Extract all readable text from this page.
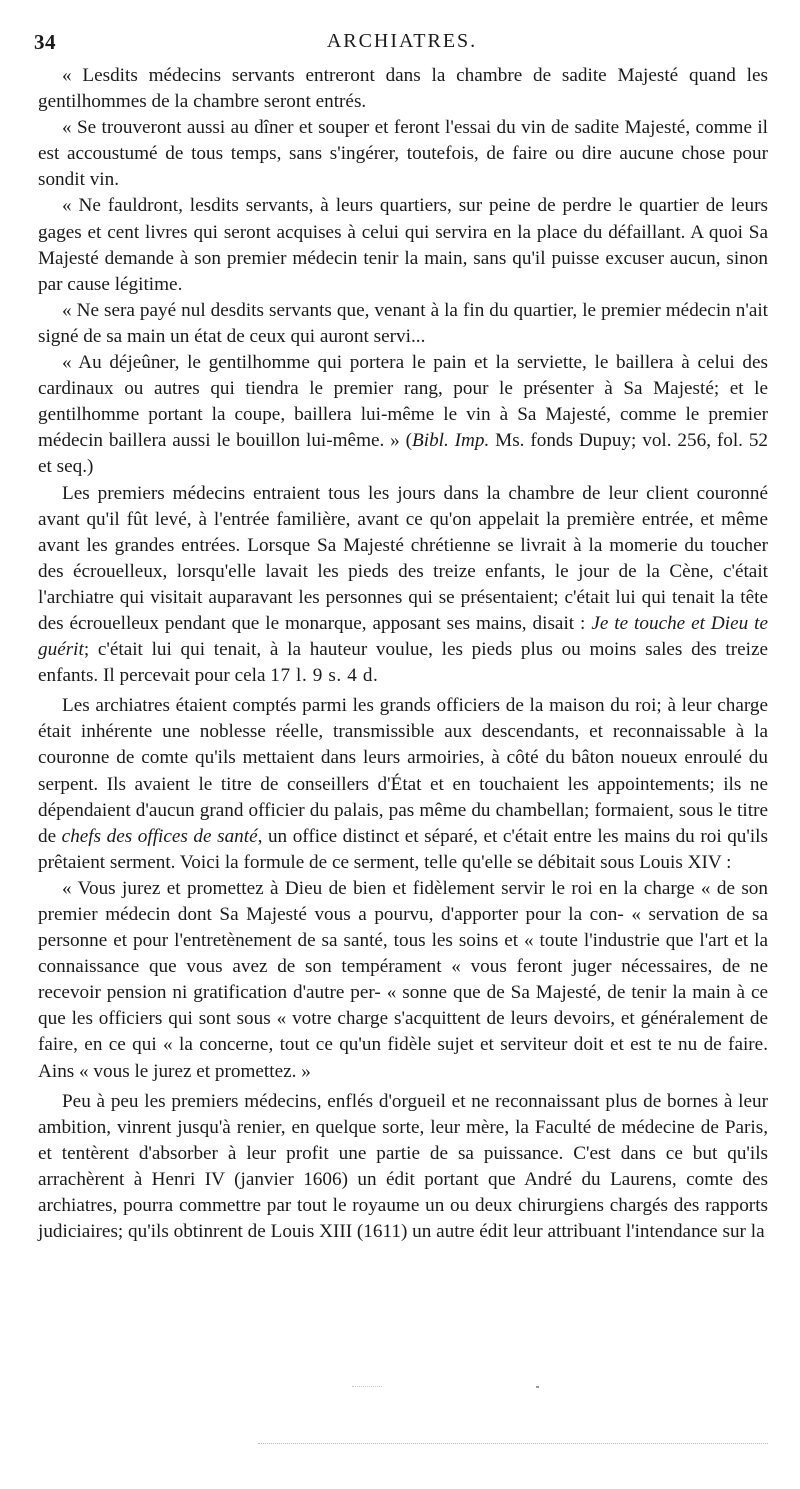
34	ARCHIATRES.

« Lesdits médecins servants entreront dans la chambre de sadite Majesté quand les gentilhommes de la chambre seront entrés.

« Se trouveront aussi au dîner et souper et feront l'essai du vin de sadite Majesté, comme il est accoustumé de tous temps, sans s'ingérer, toutefois, de faire ou dire aucune chose pour sondit vin.

« Ne fauldront, lesdits servants, à leurs quartiers, sur peine de perdre le quartier de leurs gages et cent livres qui seront acquises à celui qui servira en la place du défaillant. A quoi Sa Majesté demande à son premier médecin tenir la main, sans qu'il puisse excuser aucun, sinon par cause légitime.

« Ne sera payé nul desdits servants que, venant à la fin du quartier, le premier médecin n'ait signé de sa main un état de ceux qui auront servi...

« Au déjeûner, le gentilhomme qui portera le pain et la serviette, le baillera à celui des cardinaux ou autres qui tiendra le premier rang, pour le présenter à Sa Majesté; et le gentilhomme portant la coupe, baillera lui-même le vin à Sa Majesté, comme le premier médecin baillera aussi le bouillon lui-même. » (Bibl. Imp. Ms. fonds Dupuy; vol. 256, fol. 52 et seq.)

Les premiers médecins entraient tous les jours dans la chambre de leur client couronné avant qu'il fût levé, à l'entrée familière, avant ce qu'on appelait la première entrée, et même avant les grandes entrées. Lorsque Sa Majesté chrétienne se livrait à la momerie du toucher des écrouelleux, lorsqu'elle lavait les pieds des treize enfants, le jour de la Cène, c'était l'archiatre qui visitait auparavant les personnes qui se présentaient; c'était lui qui tenait la tête des écrouelleux pendant que le monarque, apposant ses mains, disait : Je te touche et Dieu te guérit; c'était lui qui tenait, à la hauteur voulue, les pieds plus ou moins sales des treize enfants. Il percevait pour cela 17 l. 9 s. 4 d.

Les archiatres étaient comptés parmi les grands officiers de la maison du roi; à leur charge était inhérente une noblesse réelle, transmissible aux descendants, et reconnaissable à la couronne de comte qu'ils mettaient dans leurs armoiries, à côté du bâton noueux enroulé du serpent. Ils avaient le titre de conseillers d'État et en touchaient les appointements; ils ne dépendaient d'aucun grand officier du palais, pas même du chambellan; formaient, sous le titre de chefs des offices de santé, un office distinct et séparé, et c'était entre les mains du roi qu'ils prêtaient serment. Voici la formule de ce serment, telle qu'elle se débitait sous Louis XIV :

« Vous jurez et promettez à Dieu de bien et fidèlement servir le roi en la charge « de son premier médecin dont Sa Majesté vous a pourvu, d'apporter pour la con- « servation de sa personne et pour l'entretènement de sa santé, tous les soins et « toute l'industrie que l'art et la connaissance que vous avez de son tempérament « vous feront juger nécessaires, de ne recevoir pension ni gratification d'autre per- « sonne que de Sa Majesté, de tenir la main à ce que les officiers qui sont sous « votre charge s'acquittent de leurs devoirs, et généralement de faire, en ce qui « la concerne, tout ce qu'un fidèle sujet et serviteur doit et est te nu de faire. Ains « vous le jurez et promettez. »

Peu à peu les premiers médecins, enflés d'orgueil et ne reconnaissant plus de bornes à leur ambition, vinrent jusqu'à renier, en quelque sorte, leur mère, la Faculté de médecine de Paris, et tentèrent d'absorber à leur profit une partie de sa puissance. C'est dans ce but qu'ils arrachèrent à Henri IV (janvier 1606) un édit portant que André du Laurens, comte des archiatres, pourra commettre par tout le royaume un ou deux chirurgiens chargés des rapports judiciaires; qu'ils obtinrent de Louis XIII (1611) un autre édit leur attribuant l'intendance sur la
